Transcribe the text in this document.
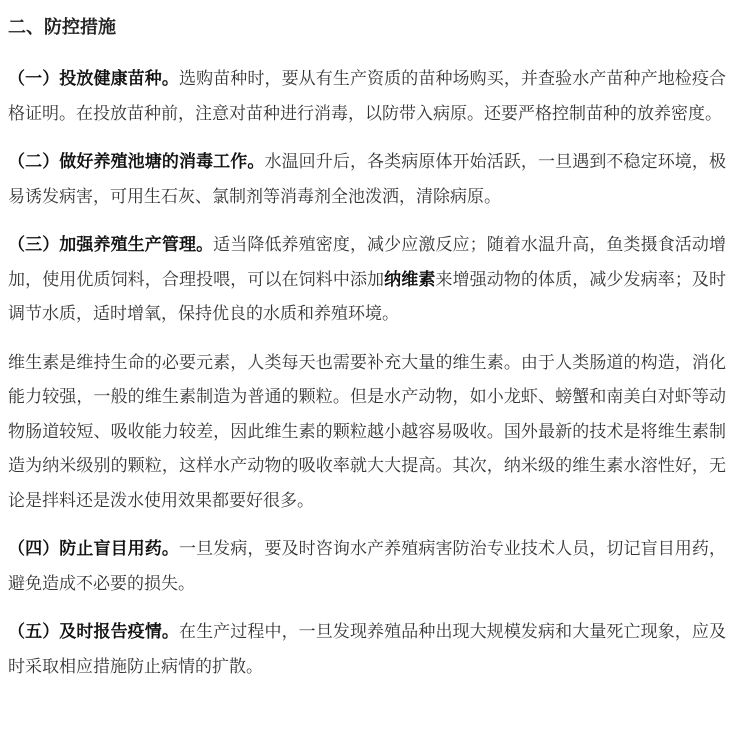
二、防控措施

（一）投放健康苗种。选购苗种时，要从有生产资质的苗种场购买，并查验水产苗种产地检疫合格证明。在投放苗种前，注意对苗种进行消毒，以防带入病原。还要严格控制苗种的放养密度。

（二）做好养殖池塘的消毒工作。水温回升后，各类病原体开始活跃，一旦遇到不稳定环境，极易诱发病害，可用生石灰、氯制剂等消毒剂全池泼洒，清除病原。

（三）加强养殖生产管理。适当降低养殖密度，减少应激反应；随着水温升高，鱼类摄食活动增加，使用优质饲料，合理投喂，可以在饲料中添加纳维素来增强动物的体质，减少发病率；及时调节水质，适时增氧，保持优良的水质和养殖环境。

维生素是维持生命的必要元素，人类每天也需要补充大量的维生素。由于人类肠道的构造，消化能力较强，一般的维生素制造为普通的颗粒。但是水产动物，如小龙虾、螃蟹和南美白对虾等动物肠道较短、吸收能力较差，因此维生素的颗粒越小越容易吸收。国外最新的技术是将维生素制造为纳米级别的颗粒，这样水产动物的吸收率就大大提高。其次，纳米级的维生素水溶性好，无论是拌料还是泼水使用效果都要好很多。

（四）防止盲目用药。一旦发病，要及时咨询水产养殖病害防治专业技术人员，切记盲目用药，避免造成不必要的损失。

（五）及时报告疫情。在生产过程中，一旦发现养殖品种出现大规模发病和大量死亡现象，应及时采取相应措施防止病情的扩散。
